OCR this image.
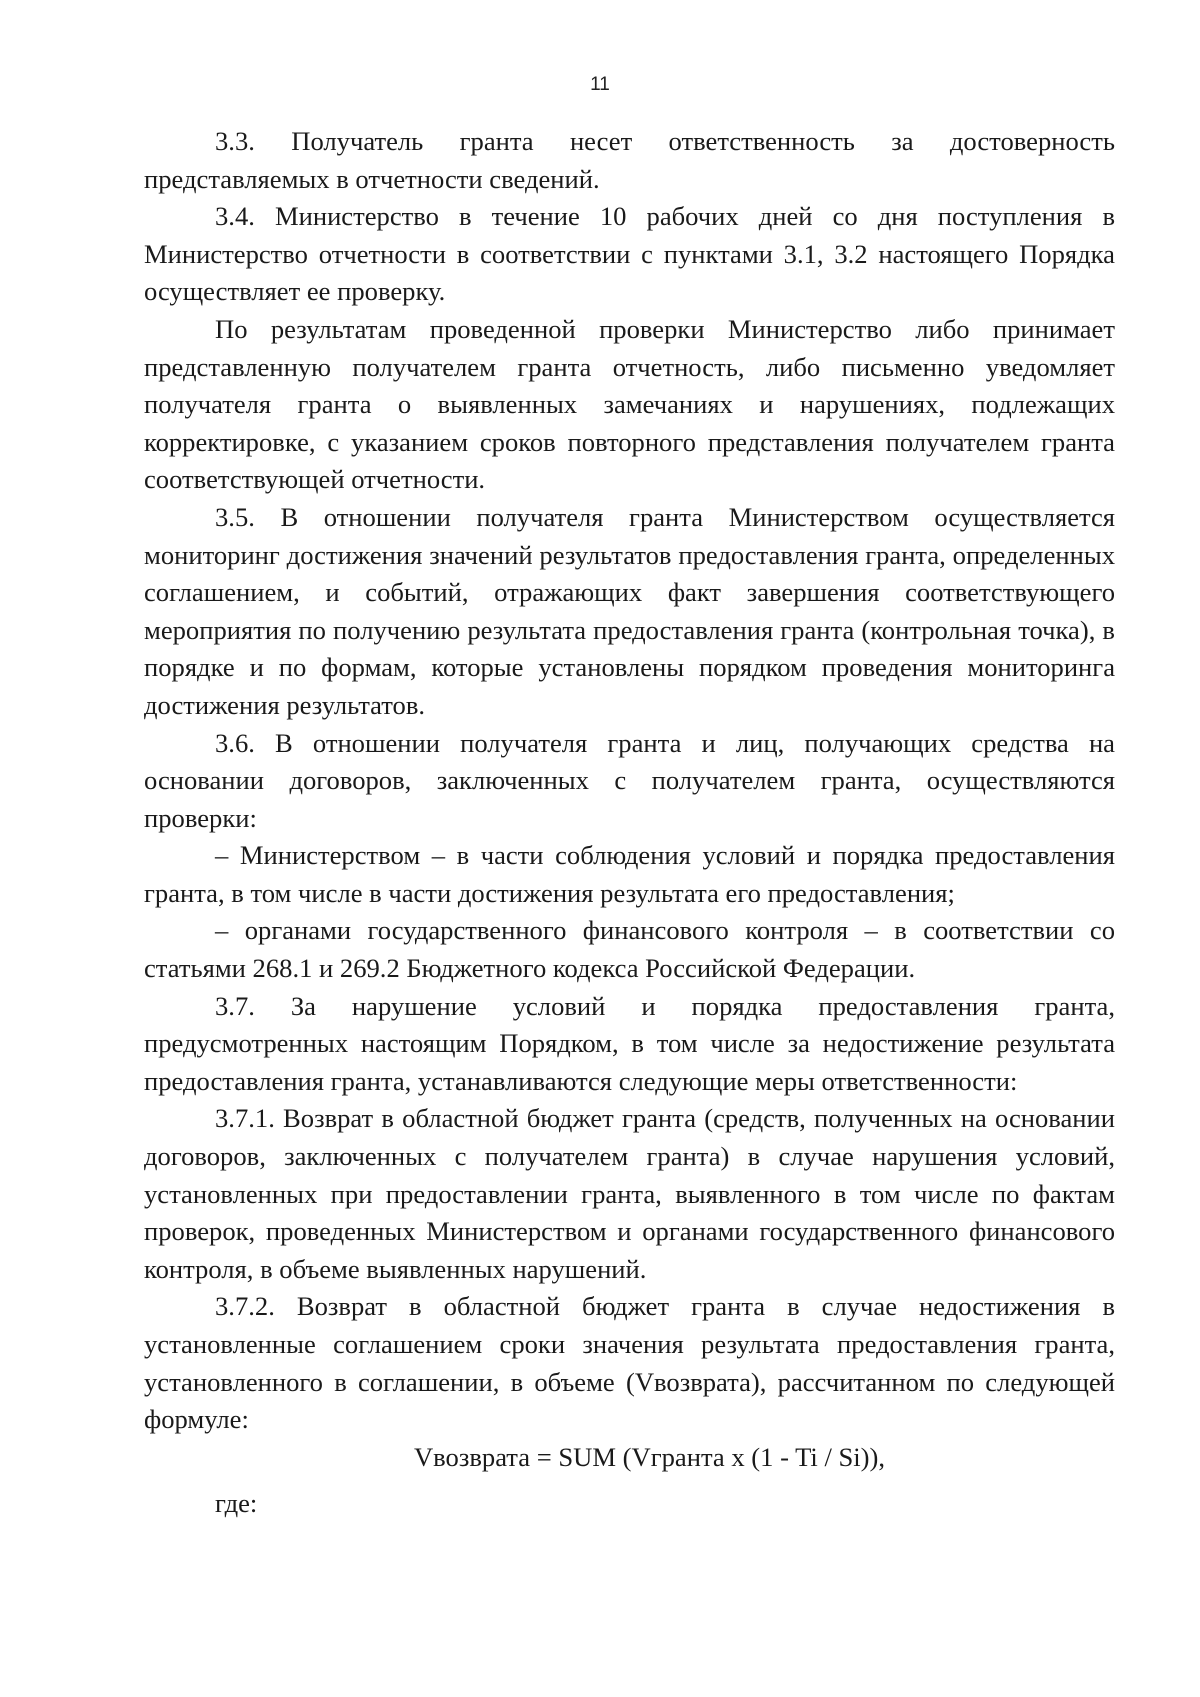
11

3.3. Получатель гранта несет ответственность за достоверность представляемых в отчетности сведений.

3.4. Министерство в течение 10 рабочих дней со дня поступления в Министерство отчетности в соответствии с пунктами 3.1, 3.2 настоящего Порядка осуществляет ее проверку.

По результатам проведенной проверки Министерство либо принимает представленную получателем гранта отчетность, либо письменно уведомляет получателя гранта о выявленных замечаниях и нарушениях, подлежащих корректировке, с указанием сроков повторного представления получателем гранта соответствующей отчетности.

3.5. В отношении получателя гранта Министерством осуществляется мониторинг достижения значений результатов предоставления гранта, определенных соглашением, и событий, отражающих факт завершения соответствующего мероприятия по получению результата предоставления гранта (контрольная точка), в порядке и по формам, которые установлены порядком проведения мониторинга достижения результатов.

3.6. В отношении получателя гранта и лиц, получающих средства на основании договоров, заключенных с получателем гранта, осуществляются проверки:

– Министерством – в части соблюдения условий и порядка предоставления гранта, в том числе в части достижения результата его предоставления;

– органами государственного финансового контроля – в соответствии со статьями 268.1 и 269.2 Бюджетного кодекса Российской Федерации.

3.7. За нарушение условий и порядка предоставления гранта, предусмотренных настоящим Порядком, в том числе за недостижение результата предоставления гранта, устанавливаются следующие меры ответственности:

3.7.1. Возврат в областной бюджет гранта (средств, полученных на основании договоров, заключенных с получателем гранта) в случае нарушения условий, установленных при предоставлении гранта, выявленного в том числе по фактам проверок, проведенных Министерством и органами государственного финансового контроля, в объеме выявленных нарушений.

3.7.2. Возврат в областной бюджет гранта в случае недостижения в установленные соглашением сроки значения результата предоставления гранта, установленного в соглашении, в объеме (Vвозврата), рассчитанном по следующей формуле:

Vвозврата = SUM (Vгранта x (1 - Ti / Si)),

где:
